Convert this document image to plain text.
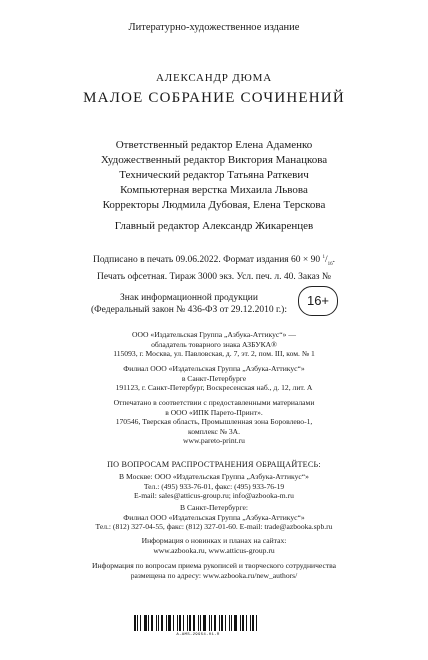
Литературно-художественное издание
АЛЕКСАНДР ДЮМА
МАЛОЕ СОБРАНИЕ СОЧИНЕНИЙ
Ответственный редактор Елена Адаменко
Художественный редактор Виктория Манацкова
Технический редактор Татьяна Раткевич
Компьютерная верстка Михаила Львова
Корректоры Людмила Дубовая, Елена Терскова
Главный редактор Александр Жикаренцев
Подписано в печать 09.06.2022. Формат издания 60 × 90 $^1/_{16}$.
Печать офсетная. Тираж 3000 экз. Усл. печ. л. 40. Заказ №
Знак информационной продукции
(Федеральный закон № 436-ФЗ от 29.12.2010 г.):
16+
ООО «Издательская Группа „Азбука-Аттикус“» —
обладатель товарного знака АЗБУКА®
115093, г. Москва, ул. Павловская, д. 7, эт. 2, пом. III, ком. № 1
Филиал ООО «Издательская Группа „Азбука-Аттикус“»
в Санкт-Петербурге
191123, г. Санкт-Петербург, Воскресенская наб., д. 12, лит. А
Отпечатано в соответствии с предоставленными материалами
в ООО «ИПК Парето-Принт».
170546, Тверская область, Промышленная зона Боровлево-1,
комплекс № 3А.
www.pareto-print.ru
ПО ВОПРОСАМ РАСПРОСТРАНЕНИЯ ОБРАЩАЙТЕСЬ:
В Москве: ООО «Издательская Группа „Азбука-Аттикус“»
Тел.: (495) 933-76-01, факс: (495) 933-76-19
E-mail: sales@atticus-group.ru; info@azbooka-m.ru
В Санкт-Петербурге:
Филиал ООО «Издательская Группа „Азбука-Аттикус“»
Тел.: (812) 327-04-55, факс: (812) 327-01-60. E-mail: trade@azbooka.spb.ru
Информация о новинках и планах на сайтах:
www.azbooka.ru, www.atticus-group.ru
Информация по вопросам приема рукописей и творческого сотрудничества
размещена по адресу: www.azbooka.ru/new_authors/
A-AMS-29954-01-R
